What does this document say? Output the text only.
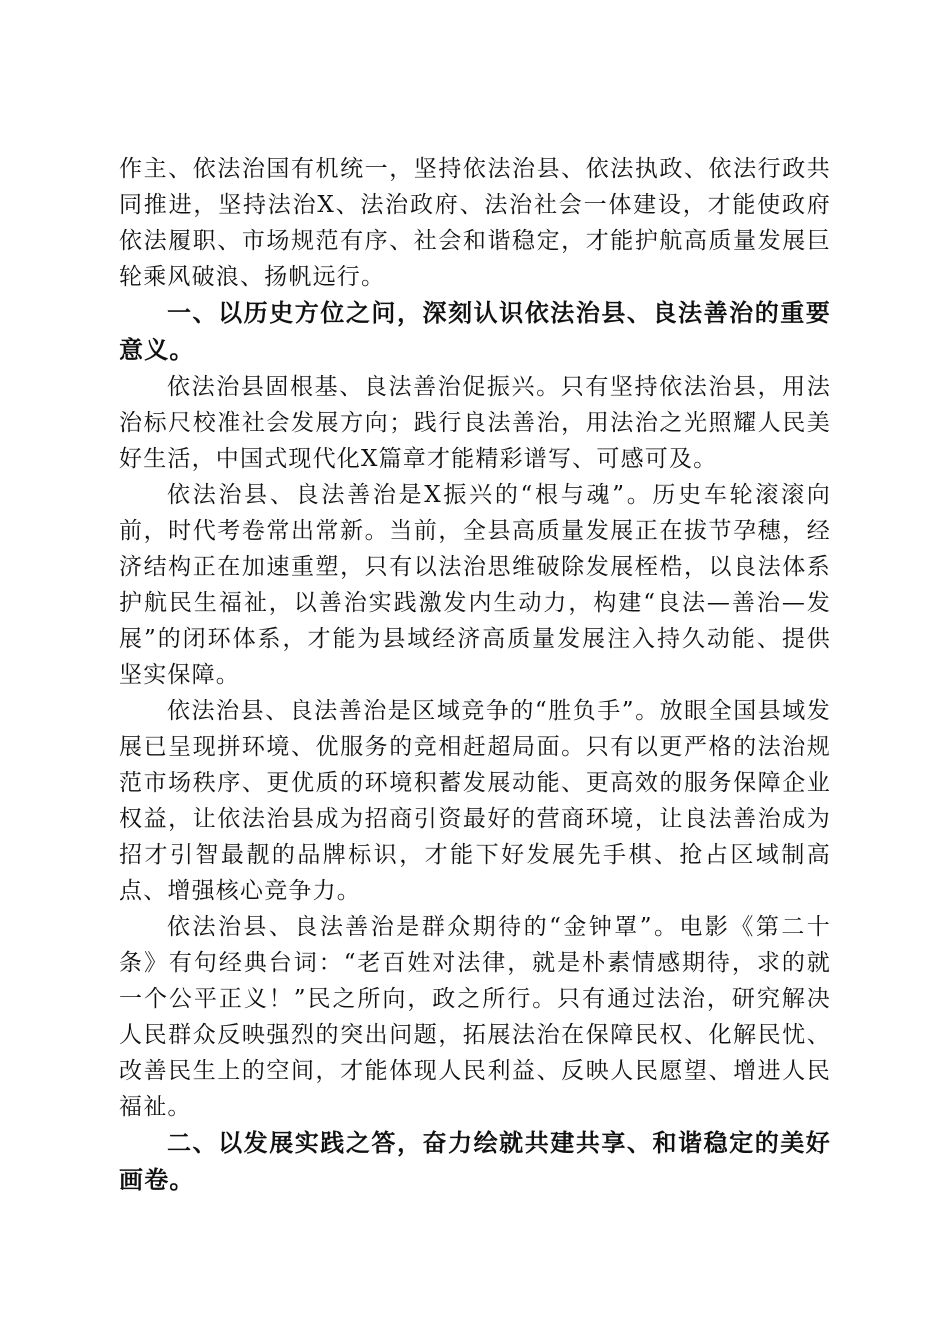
作主、依法治国有机统一，坚持依法治县、依法执政、依法行政共同推进，坚持法治X、法治政府、法治社会一体建设，才能使政府依法履职、市场规范有序、社会和谐稳定，才能护航高质量发展巨轮乘风破浪、扬帆远行。

一、以历史方位之问，深刻认识依法治县、良法善治的重要意义。

依法治县固根基、良法善治促振兴。只有坚持依法治县，用法治标尺校准社会发展方向；践行良法善治，用法治之光照耀人民美好生活，中国式现代化X篇章才能精彩谱写、可感可及。

依法治县、良法善治是X振兴的“根与魂”。历史车轮滚滚向前，时代考卷常出常新。当前，全县高质量发展正在拔节孕穗，经济结构正在加速重塑，只有以法治思维破除发展桎梏，以良法体系护航民生福祉，以善治实践激发内生动力，构建“良法—善治—发展”的闭环体系，才能为县域经济高质量发展注入持久动能、提供坚实保障。

依法治县、良法善治是区域竞争的“胜负手”。放眼全国县域发展已呈现拼环境、优服务的竞相赶超局面。只有以更严格的法治规范市场秩序、更优质的环境积蓄发展动能、更高效的服务保障企业权益，让依法治县成为招商引资最好的营商环境，让良法善治成为招才引智最靓的品牌标识，才能下好发展先手棋、抢占区域制高点、增强核心竞争力。

依法治县、良法善治是群众期待的“金钟罩”。电影《第二十条》有句经典台词：“老百姓对法律，就是朴素情感期待，求的就一个公平正义！”民之所向，政之所行。只有通过法治，研究解决人民群众反映强烈的突出问题，拓展法治在保障民权、化解民忧、改善民生上的空间，才能体现人民利益、反映人民愿望、增进人民福祉。

二、以发展实践之答，奋力绘就共建共享、和谐稳定的美好画卷。
